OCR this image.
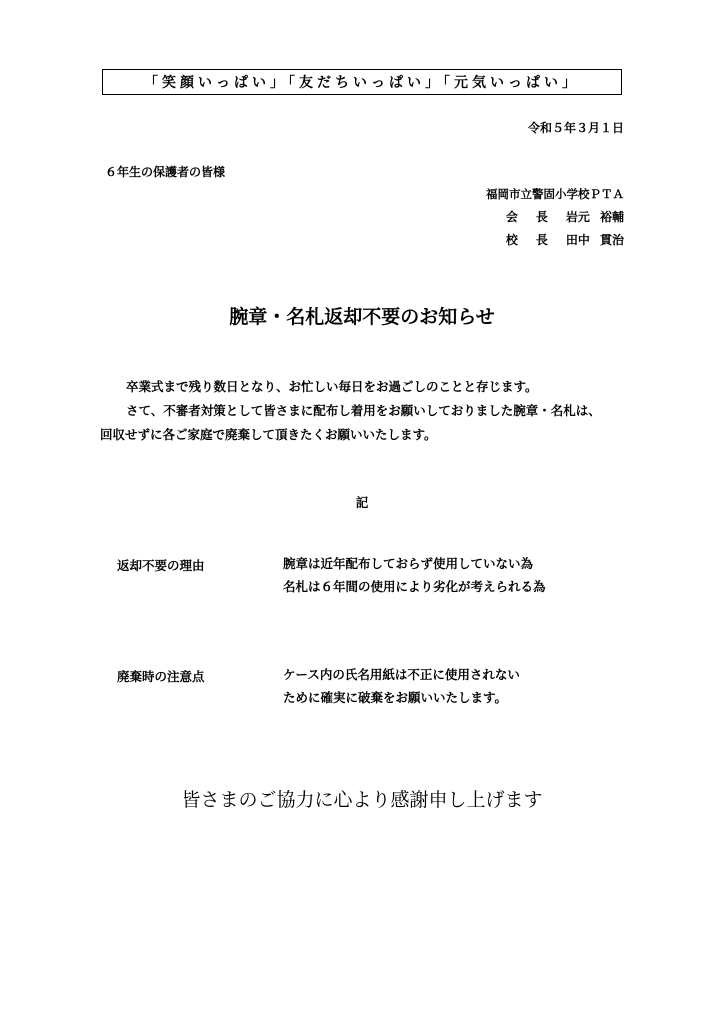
「笑顔いっぱい」「友だちいっぱい」「元気いっぱい」
令和５年３月１日
６年生の保護者の皆様
福岡市立警固小学校ＰＴＡ
会長 岩元 裕輔
校長 田中 貫治
腕章・名札返却不要のお知らせ
卒業式まで残り数日となり、お忙しい毎日をお過ごしのことと存じます。
さて、不審者対策として皆さまに配布し着用をお願いしておりました腕章・名札は、
回収せずに各ご家庭で廃棄して頂きたくお願いいたします。
記
返却不要の理由	腕章は近年配布しておらず使用していない為
名札は６年間の使用により劣化が考えられる為
廃棄時の注意点	ケース内の氏名用紙は不正に使用されない
ために確実に破棄をお願いいたします。
皆さまのご協力に心より感謝申し上げます
